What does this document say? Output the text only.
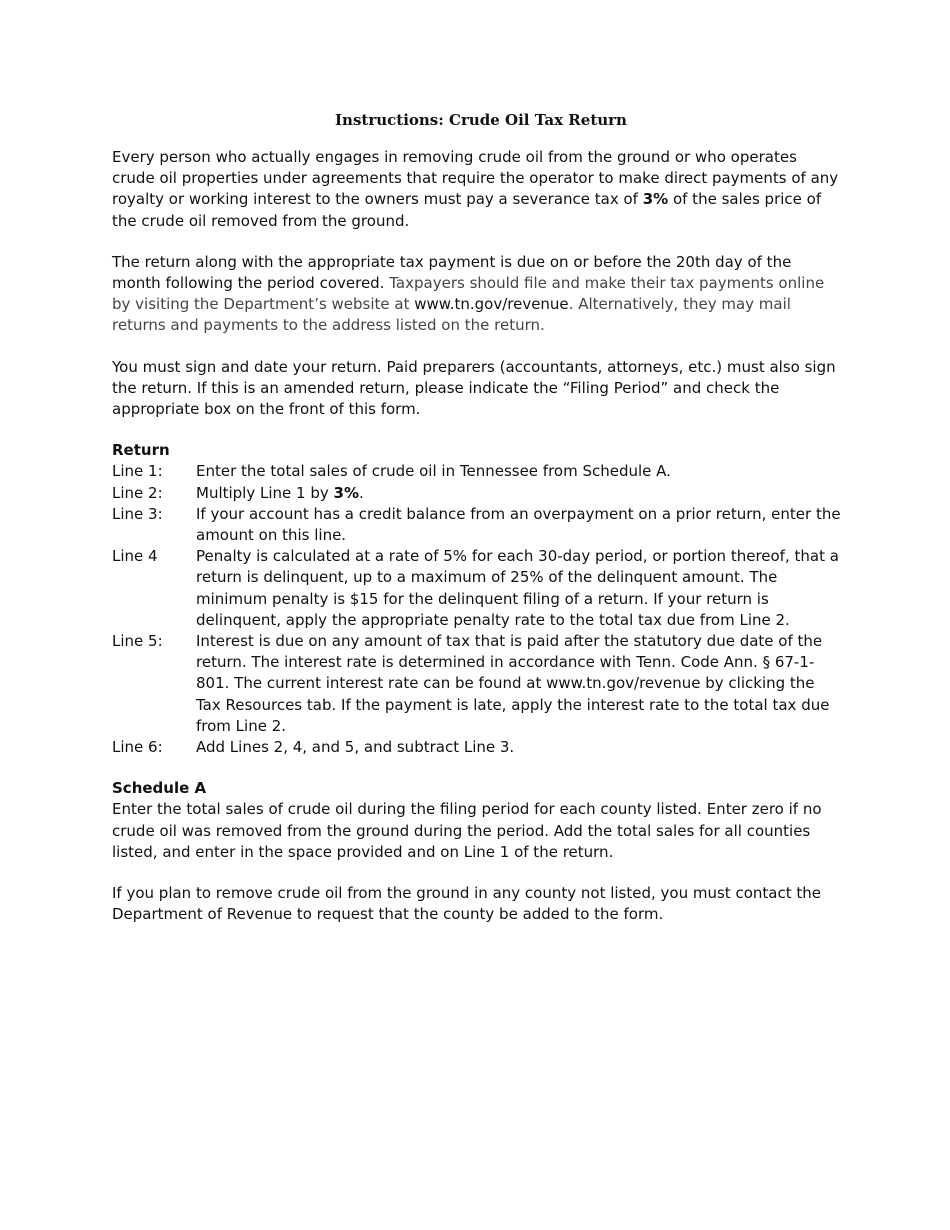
Instructions: Crude Oil Tax Return

Every person who actually engages in removing crude oil from the ground or who operates crude oil properties under agreements that require the operator to make direct payments of any royalty or working interest to the owners must pay a severance tax of 3% of the sales price of the crude oil removed from the ground.

The return along with the appropriate tax payment is due on or before the 20th day of the month following the period covered. Taxpayers should file and make their tax payments online by visiting the Department’s website at www.tn.gov/revenue. Alternatively, they may mail returns and payments to the address listed on the return.

You must sign and date your return. Paid preparers (accountants, attorneys, etc.) must also sign the return. If this is an amended return, please indicate the “Filing Period” and check the appropriate box on the front of this form.

Return
Line 1:	Enter the total sales of crude oil in Tennessee from Schedule A.
Line 2:	Multiply Line 1 by 3%.
Line 3:	If your account has a credit balance from an overpayment on a prior return, enter the amount on this line.
Line 4	Penalty is calculated at a rate of 5% for each 30-day period, or portion thereof, that a return is delinquent, up to a maximum of 25% of the delinquent amount. The minimum penalty is $15 for the delinquent filing of a return. If your return is delinquent, apply the appropriate penalty rate to the total tax due from Line 2.
Line 5:	Interest is due on any amount of tax that is paid after the statutory due date of the return. The interest rate is determined in accordance with Tenn. Code Ann. § 67-1-801. The current interest rate can be found at www.tn.gov/revenue by clicking the Tax Resources tab. If the payment is late, apply the interest rate to the total tax due from Line 2.
Line 6:	Add Lines 2, 4, and 5, and subtract Line 3.
Schedule A

Enter the total sales of crude oil during the filing period for each county listed. Enter zero if no crude oil was removed from the ground during the period. Add the total sales for all counties listed, and enter in the space provided and on Line 1 of the return.

If you plan to remove crude oil from the ground in any county not listed, you must contact the Department of Revenue to request that the county be added to the form.
